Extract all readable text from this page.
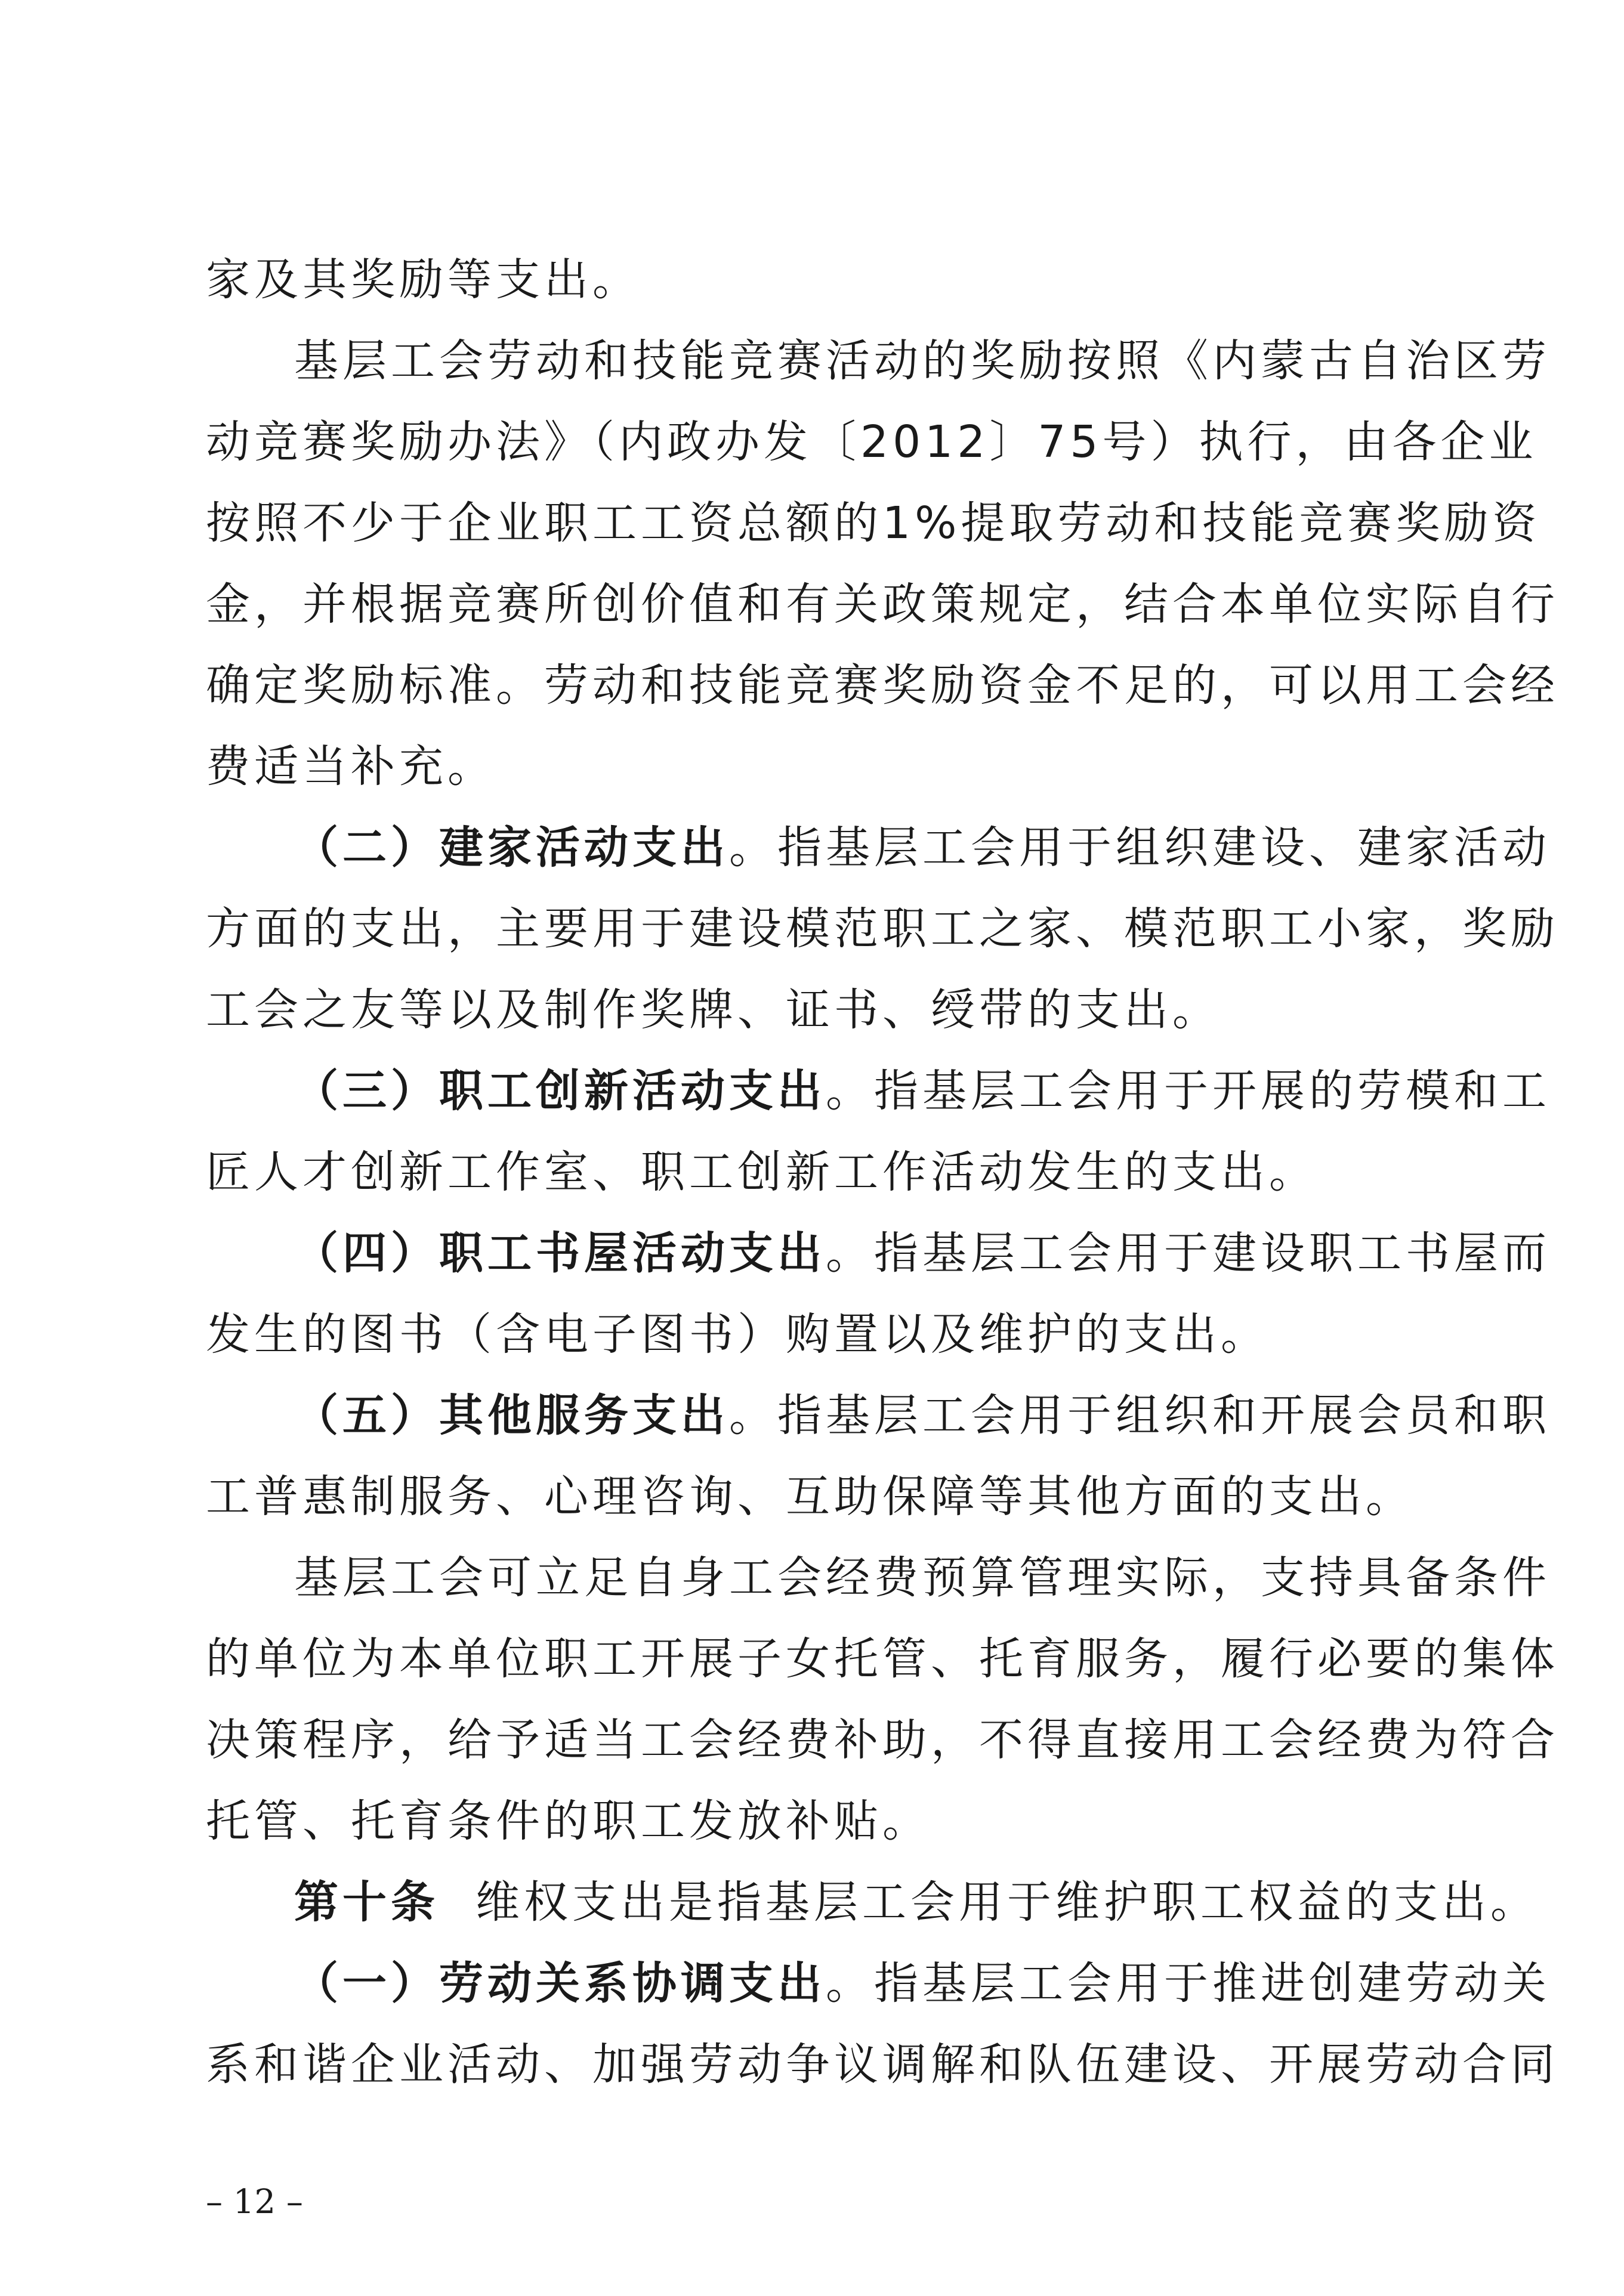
家及其奖励等支出。

基层工会劳动和技能竞赛活动的奖励按照《内蒙古自治区劳

动竞赛奖励办法》（内政办发〔2012〕75号）执行，由各企业

按照不少于企业职工工资总额的1%提取劳动和技能竞赛奖励资

金，并根据竞赛所创价值和有关政策规定，结合本单位实际自行

确定奖励标准。劳动和技能竞赛奖励资金不足的，可以用工会经

费适当补充。

（二）建家活动支出。指基层工会用于组织建设、建家活动

方面的支出，主要用于建设模范职工之家、模范职工小家，奖励

工会之友等以及制作奖牌、证书、绶带的支出。

（三）职工创新活动支出。指基层工会用于开展的劳模和工

匠人才创新工作室、职工创新工作活动发生的支出。

（四）职工书屋活动支出。指基层工会用于建设职工书屋而

发生的图书（含电子图书）购置以及维护的支出。

（五）其他服务支出。指基层工会用于组织和开展会员和职

工普惠制服务、心理咨询、互助保障等其他方面的支出。

基层工会可立足自身工会经费预算管理实际，支持具备条件

的单位为本单位职工开展子女托管、托育服务，履行必要的集体

决策程序，给予适当工会经费补助，不得直接用工会经费为符合

托管、托育条件的职工发放补贴。

第十条  维权支出是指基层工会用于维护职工权益的支出。

（一）劳动关系协调支出。指基层工会用于推进创建劳动关

系和谐企业活动、加强劳动争议调解和队伍建设、开展劳动合同

– 12 –
